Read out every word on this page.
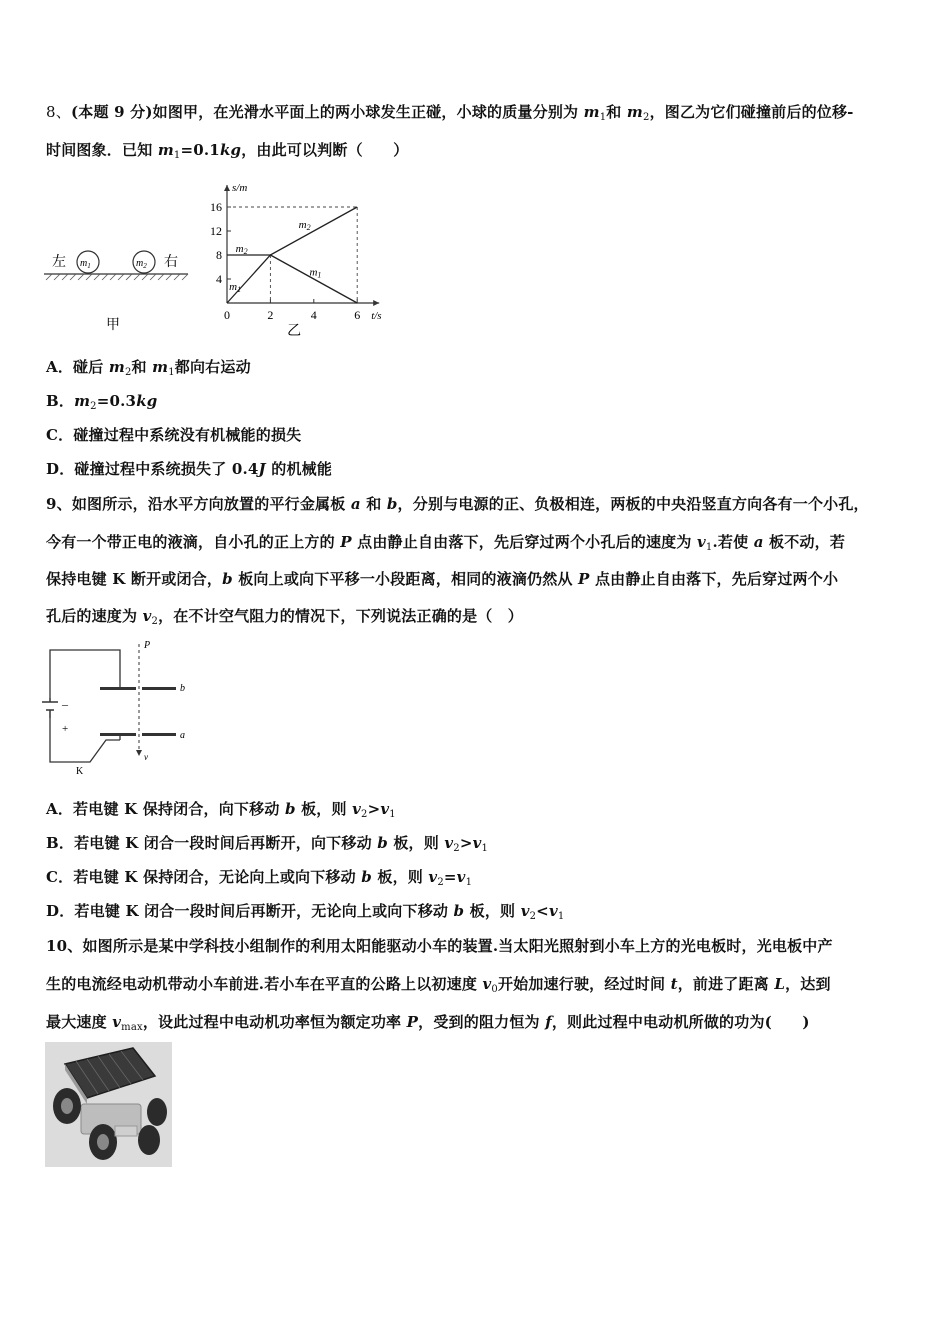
8、(本题 9 分)如图甲，在光滑水平面上的两小球发生正碰，小球的质量分别为 $m_1$和 $m_2$，图乙为它们碰撞前后的位移-
时间图象．已知 $m_1=0.1kg$，由此可以判断（　　）
左 $m_1$	$m_2$ 右
甲
s/m
t/s
4
8
12
16
0	2	4	6
m2
m2
m1
m1
乙
A．碰后 $m_2$和 $m_1$都向右运动
B．$m_2=0.3kg$
C．碰撞过程中系统没有机械能的损失
D．碰撞过程中系统损失了 0.4J 的机械能
9、如图所示，沿水平方向放置的平行金属板 a 和 b，分别与电源的正、负极相连，两板的中央沿竖直方向各有一个小孔，
今有一个带正电的液滴，自小孔的正上方的 P 点由静止自由落下，先后穿过两个小孔后的速度为 $v_1$.若使 a 板不动，若
保持电键 K 断开或闭合，b 板向上或向下平移一小段距离，相同的液滴仍然从 P 点由静止自由落下，先后穿过两个小
孔后的速度为 $v_2$，在不计空气阻力的情况下，下列说法正确的是（　）
–
+
P
b
a
v
K
A．若电键 K 保持闭合，向下移动 b 板，则 $v_2>v_1$
B．若电键 K 闭合一段时间后再断开，向下移动 b 板，则 $v_2>v_1$
C．若电键 K 保持闭合，无论向上或向下移动 b 板，则 $v_2=v_1$
D．若电键 K 闭合一段时间后再断开，无论向上或向下移动 b 板，则 $v_2<v_1$
10、如图所示是某中学科技小组制作的利用太阳能驱动小车的装置.当太阳光照射到小车上方的光电板时，光电板中产
生的电流经电动机带动小车前进.若小车在平直的公路上以初速度 $v_0$开始加速行驶，经过时间 t，前进了距离 L，达到
最大速度 $v_{max}$，设此过程中电动机功率恒为额定功率 P，受到的阻力恒为 f，则此过程中电动机所做的功为(　　)
